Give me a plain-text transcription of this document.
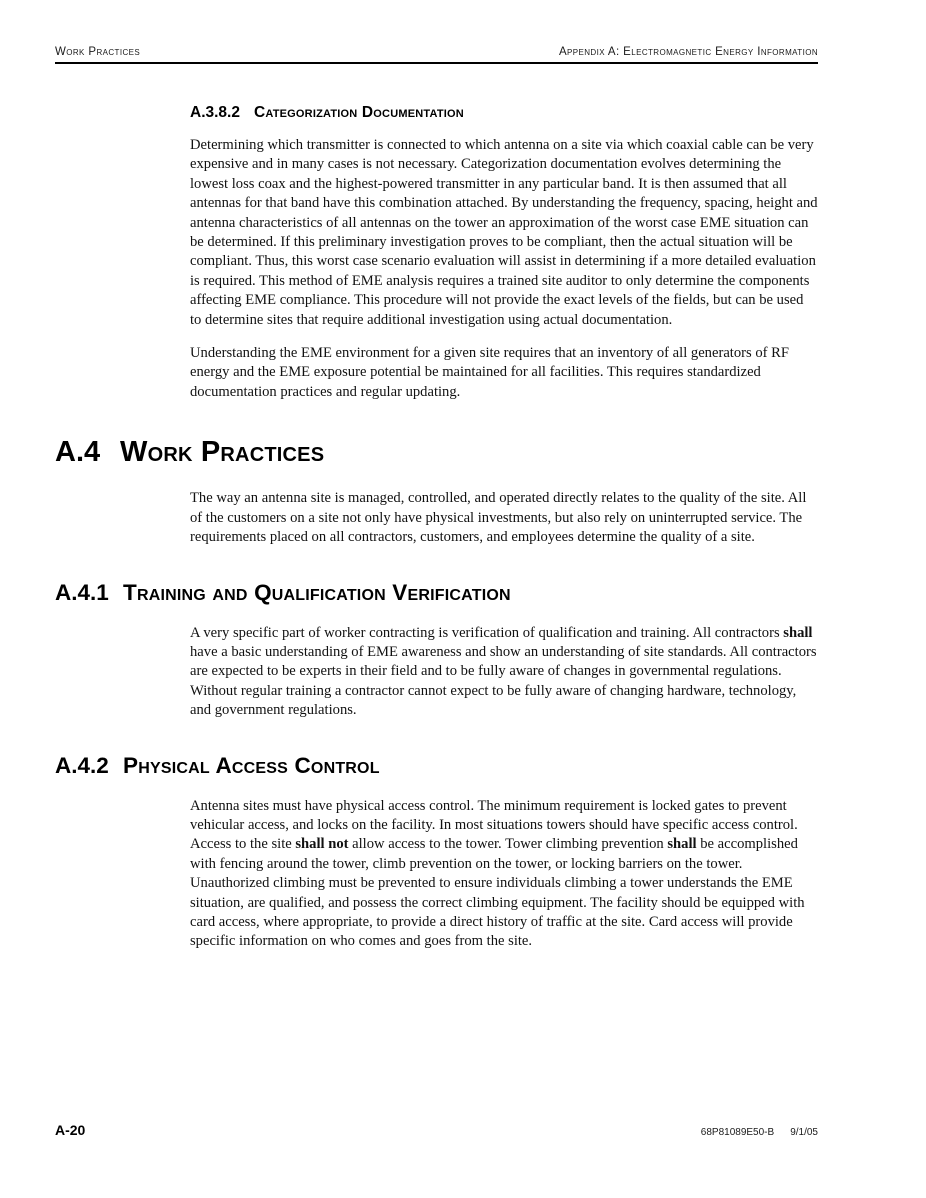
Work Practices	Appendix A: Electromagnetic Energy Information
A.3.8.2 Categorization Documentation

Determining which transmitter is connected to which antenna on a site via which coaxial cable can be very expensive and in many cases is not necessary. Categorization documentation evolves determining the lowest loss coax and the highest-powered transmitter in any particular band. It is then assumed that all antennas for that band have this combination attached. By understanding the frequency, spacing, height and antenna characteristics of all antennas on the tower an approximation of the worst case EME situation can be determined. If this preliminary investigation proves to be compliant, then the actual situation will be compliant. Thus, this worst case scenario evaluation will assist in determining if a more detailed evaluation is required. This method of EME analysis requires a trained site auditor to only determine the components affecting EME compliance. This procedure will not provide the exact levels of the fields, but can be used to determine sites that require additional investigation using actual documentation.

Understanding the EME environment for a given site requires that an inventory of all generators of RF energy and the EME exposure potential be maintained for all facilities. This requires standardized documentation practices and regular updating.

A.4 Work Practices

The way an antenna site is managed, controlled, and operated directly relates to the quality of the site. All of the customers on a site not only have physical investments, but also rely on uninterrupted service. The requirements placed on all contractors, customers, and employees determine the quality of a site.

A.4.1 Training and Qualification Verification

A very specific part of worker contracting is verification of qualification and training. All contractors shall have a basic understanding of EME awareness and show an understanding of site standards. All contractors are expected to be experts in their field and to be fully aware of changes in governmental regulations. Without regular training a contractor cannot expect to be fully aware of changing hardware, technology, and government regulations.

A.4.2 Physical Access Control

Antenna sites must have physical access control. The minimum requirement is locked gates to prevent vehicular access, and locks on the facility. In most situations towers should have specific access control. Access to the site shall not allow access to the tower. Tower climbing prevention shall be accomplished with fencing around the tower, climb prevention on the tower, or locking barriers on the tower. Unauthorized climbing must be prevented to ensure individuals climbing a tower understands the EME situation, are qualified, and possess the correct climbing equipment. The facility should be equipped with card access, where appropriate, to provide a direct history of traffic at the site. Card access will provide specific information on who comes and goes from the site.

A-20	68P81089E50-B 9/1/05
